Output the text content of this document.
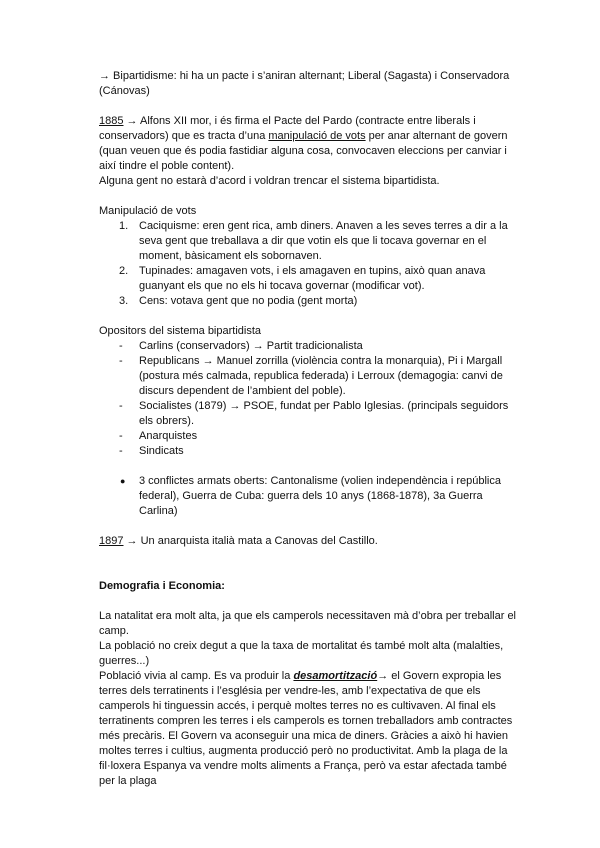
→ Bipartidisme: hi ha un pacte i s’aniran alternant; Liberal (Sagasta) i Conservadora (Cánovas)

1885 → Alfons XII mor, i és firma el Pacte del Pardo (contracte entre liberals i conservadors) que es tracta d’una manipulació de vots per anar alternant de govern (quan veuen que és podia fastidiar alguna cosa, convocaven eleccions per canviar i així tindre el poble content).

Alguna gent no estarà d’acord i voldran trencar el sistema bipartidista.

Manipulació de vots

1. Caciquisme: eren gent rica, amb diners. Anaven a les seves terres a dir a la seva gent que treballava a dir que votin els que li tocava governar en el moment, bàsicament els sobornaven.
2. Tupinades: amagaven vots, i els amagaven en tupins, això quan anava guanyant els que no els hi tocava governar (modificar vot).
3. Cens: votava gent que no podia (gent morta)

Opositors del sistema bipartidista

- Carlins (conservadors) → Partit tradicionalista
- Republicans → Manuel zorrilla (violència contra la monarquia), Pi i Margall (postura més calmada, republica federada) i Lerroux (demagogia: canvi de discurs dependent de l’ambient del poble).
- Socialistes (1879) → PSOE, fundat per Pablo Iglesias. (principals seguidors els obrers).
- Anarquistes
- Sindicats
● 3 conflictes armats oberts: Cantonalisme (volien independència i república federal), Guerra de Cuba: guerra dels 10 anys (1868-1878), 3a Guerra Carlina)

1897 → Un anarquista italià mata a Canovas del Castillo.

Demografia i Economia:

La natalitat era molt alta, ja que els camperols necessitaven mà d’obra per treballar el camp.

La població no creix degut a que la taxa de mortalitat és també molt alta (malalties, guerres...)

Població vivia al camp. Es va produir la desamortització→ el Govern expropia les terres dels terratinents i l’església per vendre-les, amb l’expectativa de que els camperols hi tinguessin accés, i perquè moltes terres no es cultivaven. Al final els terratinents compren les terres i els camperols es tornen treballadors amb contractes més precàris. El Govern va aconseguir una mica de diners. Gràcies a això hi havien moltes terres i cultius, augmenta producció però no productivitat. Amb la plaga de la fil·loxera Espanya va vendre molts aliments a França, però va estar afectada també per la plaga
